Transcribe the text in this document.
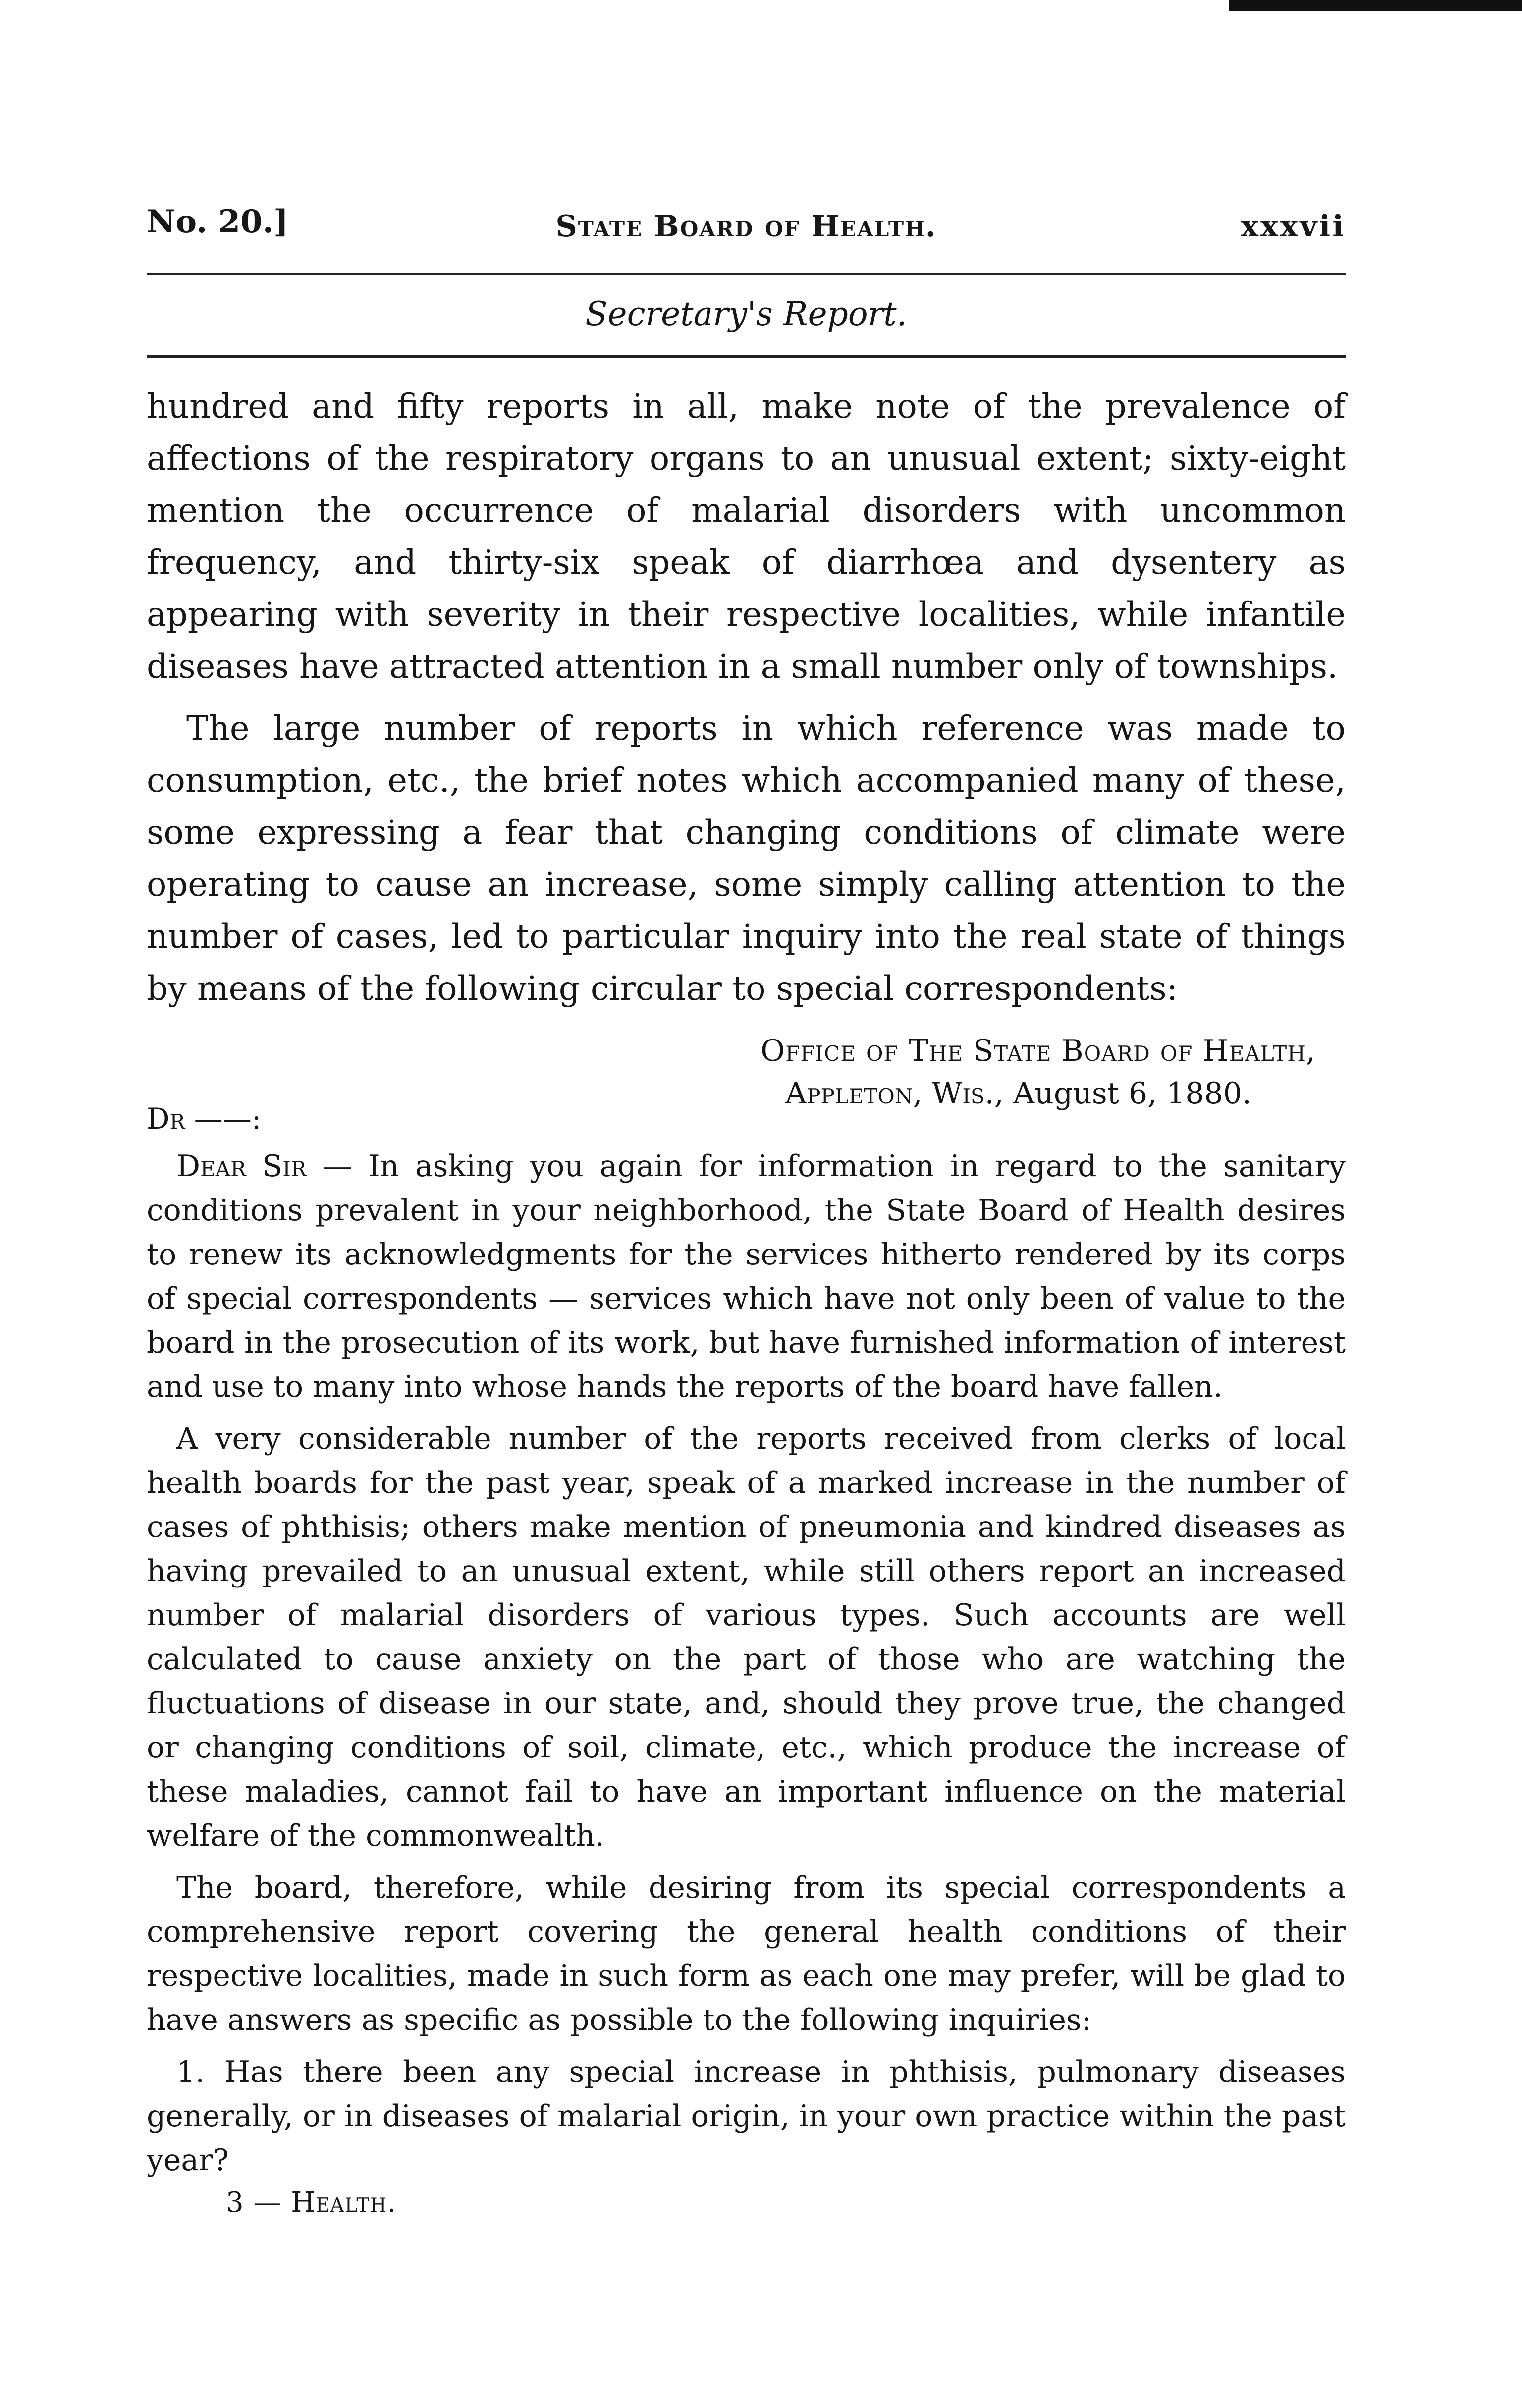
No. 20.]	State Board of Health.	xxxvii
Secretary's Report.

hundred and fifty reports in all, make note of the prevalence of affections of the respiratory organs to an unusual extent; sixty-eight mention the occurrence of malarial disorders with uncommon frequency, and thirty-six speak of diarrhœa and dysentery as appearing with severity in their respective localities, while infantile diseases have attracted attention in a small number only of townships.

The large number of reports in which reference was made to consumption, etc., the brief notes which accompanied many of these, some expressing a fear that changing conditions of climate were operating to cause an increase, some simply calling attention to the number of cases, led to particular inquiry into the real state of things by means of the following circular to special correspondents:

Office of The State Board of Health,
Appleton, Wis., August 6, 1880.
Dr ——:

Dear Sir — In asking you again for information in regard to the sanitary conditions prevalent in your neighborhood, the State Board of Health desires to renew its acknowledgments for the services hitherto rendered by its corps of special correspondents — services which have not only been of value to the board in the prosecution of its work, but have furnished information of interest and use to many into whose hands the reports of the board have fallen.

A very considerable number of the reports received from clerks of local health boards for the past year, speak of a marked increase in the number of cases of phthisis; others make mention of pneumonia and kindred diseases as having prevailed to an unusual extent, while still others report an increased number of malarial disorders of various types. Such accounts are well calculated to cause anxiety on the part of those who are watching the fluctuations of disease in our state, and, should they prove true, the changed or changing conditions of soil, climate, etc., which produce the increase of these maladies, cannot fail to have an important influence on the material welfare of the commonwealth.

The board, therefore, while desiring from its special correspondents a comprehensive report covering the general health conditions of their respective localities, made in such form as each one may prefer, will be glad to have answers as specific as possible to the following inquiries:

1. Has there been any special increase in phthisis, pulmonary diseases generally, or in diseases of malarial origin, in your own practice within the past year?

3 — Health.
